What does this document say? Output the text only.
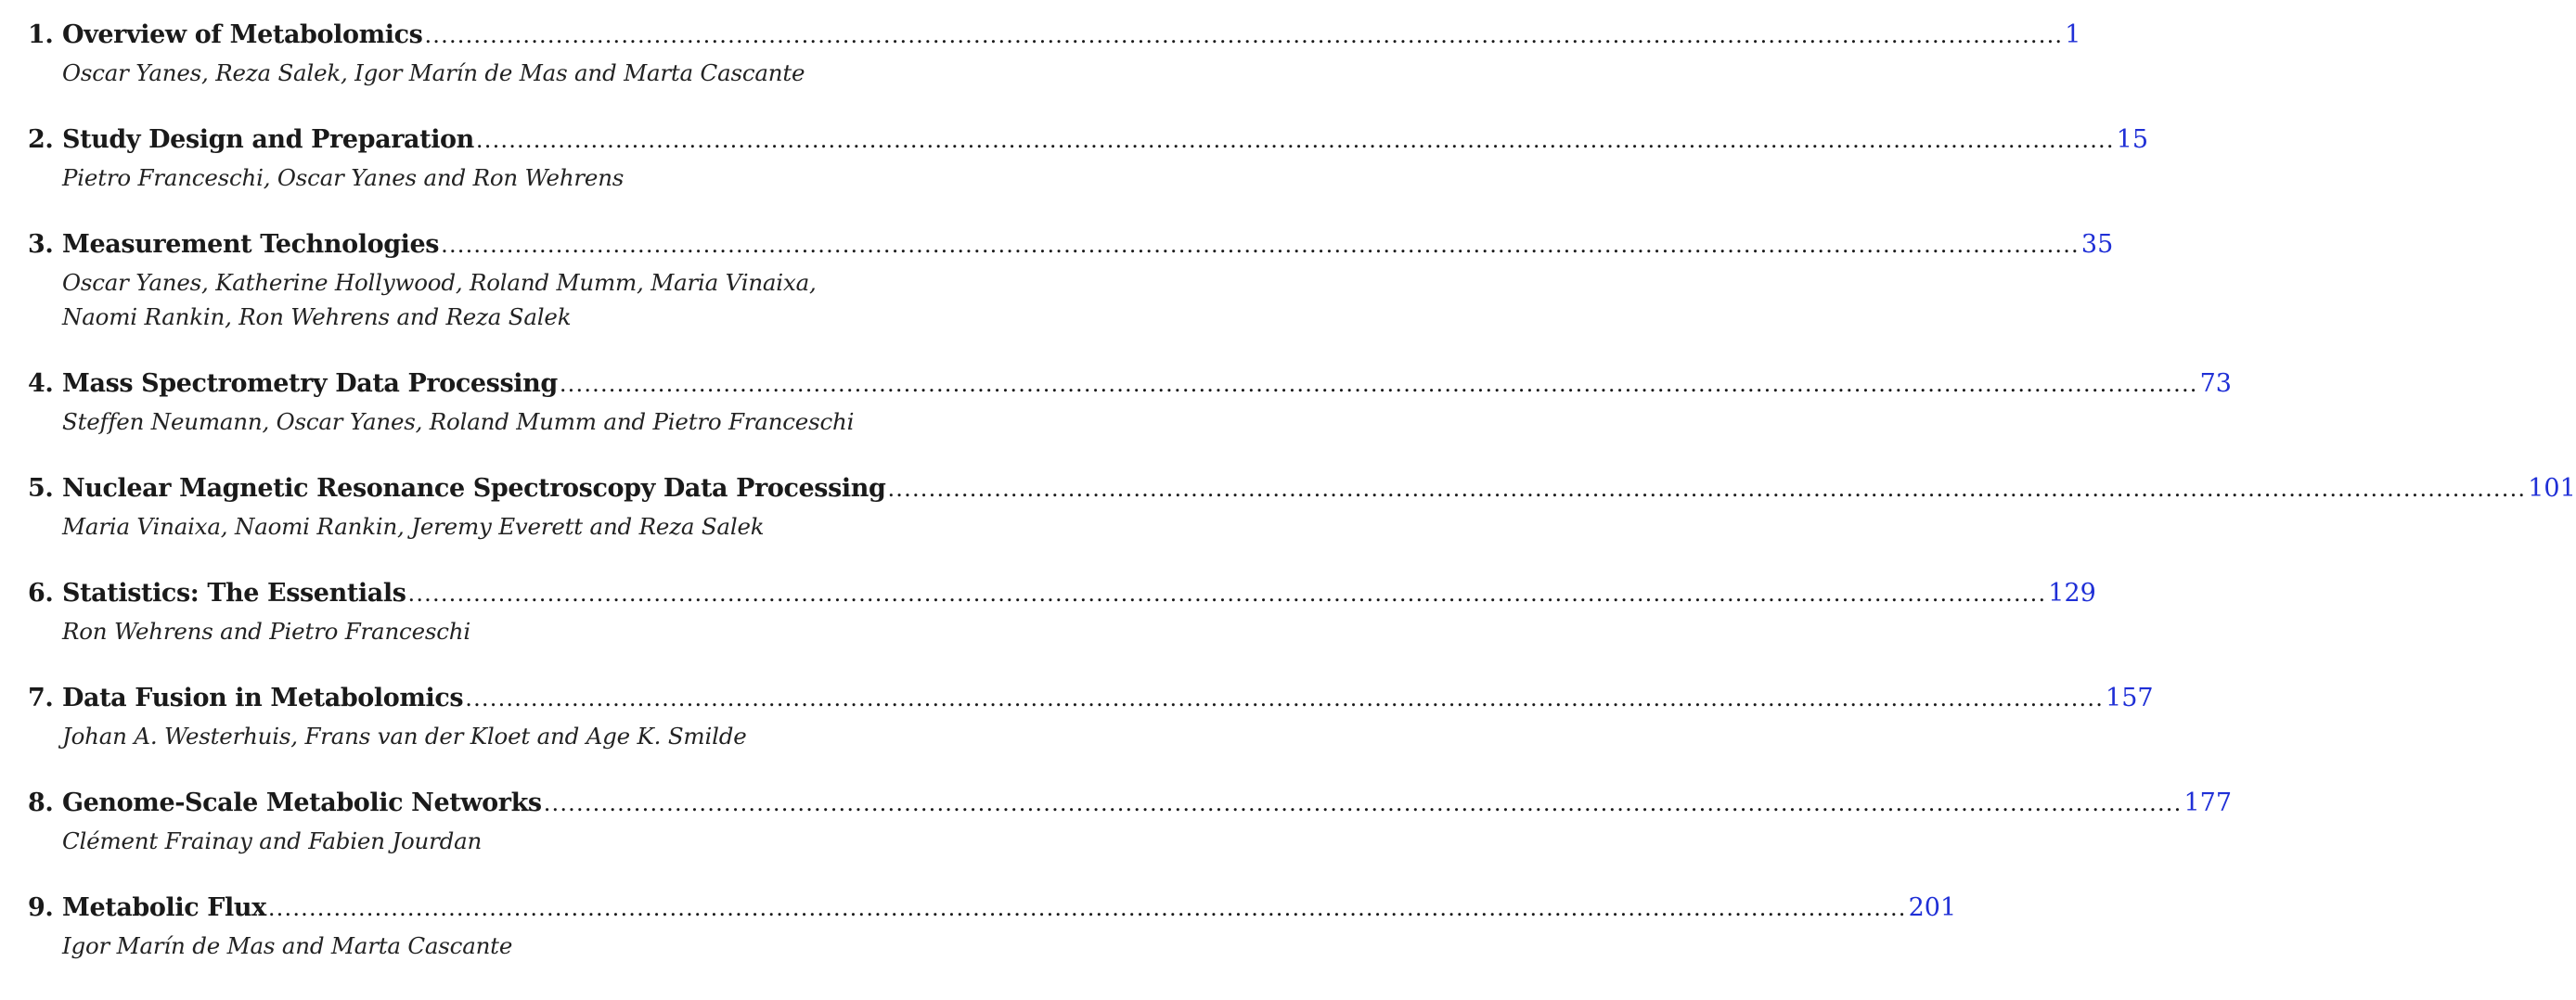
1. Overview of Metabolomics ........................................................................................................................................................................................................ 1
Oscar Yanes, Reza Salek, Igor Marín de Mas and Marta Cascante
2. Study Design and Preparation ........................................................................................................................................................................................................ 15
Pietro Franceschi, Oscar Yanes and Ron Wehrens
3. Measurement Technologies ........................................................................................................................................................................................................ 35
Oscar Yanes, Katherine Hollywood, Roland Mumm, Maria Vinaixa,
Naomi Rankin, Ron Wehrens and Reza Salek
4. Mass Spectrometry Data Processing ........................................................................................................................................................................................................ 73
Steffen Neumann, Oscar Yanes, Roland Mumm and Pietro Franceschi
5. Nuclear Magnetic Resonance Spectroscopy Data Processing ........................................................................................................................................................................................................ 101
Maria Vinaixa, Naomi Rankin, Jeremy Everett and Reza Salek
6. Statistics: The Essentials ........................................................................................................................................................................................................ 129
Ron Wehrens and Pietro Franceschi
7. Data Fusion in Metabolomics ........................................................................................................................................................................................................ 157
Johan A. Westerhuis, Frans van der Kloet and Age K. Smilde
8. Genome-Scale Metabolic Networks ........................................................................................................................................................................................................ 177
Clément Frainay and Fabien Jourdan
9. Metabolic Flux ........................................................................................................................................................................................................ 201
Igor Marín de Mas and Marta Cascante
